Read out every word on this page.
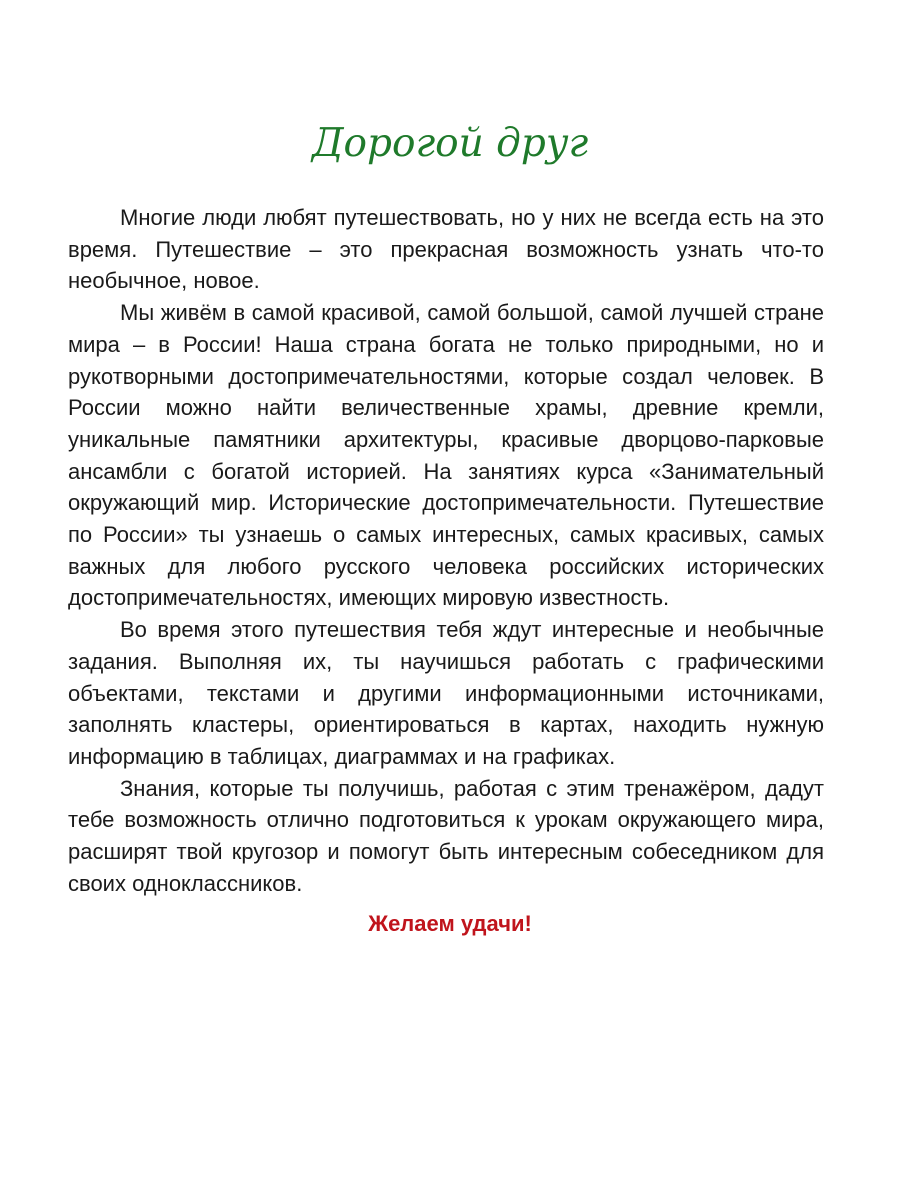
Дорогой друг

Многие люди любят путешествовать, но у них не всегда есть на это время. Путешествие – это прекрасная возможность узнать что-то необычное, новое.

Мы живём в самой красивой, самой большой, самой лучшей стране мира – в России! Наша страна богата не только природными, но и рукотворными достопримечательностями, которые создал человек. В России можно найти величественные храмы, древние кремли, уникальные памятники архитектуры, красивые дворцово-парковые ансамбли с богатой историей. На занятиях курса «Занимательный окружающий мир. Исторические достопримечательности. Путешествие по России» ты узнаешь о самых интересных, самых красивых, самых важных для любого русского человека российских исторических достопримечательностях, имеющих мировую известность.

Во время этого путешествия тебя ждут интересные и необычные задания. Выполняя их, ты научишься работать с графическими объектами, текстами и другими информационными источниками, заполнять кластеры, ориентироваться в картах, находить нужную информацию в таблицах, диаграммах и на графиках.

Знания, которые ты получишь, работая с этим тренажёром, дадут тебе возможность отлично подготовиться к урокам окружающего мира, расширят твой кругозор и помогут быть интересным собеседником для своих одноклассников.

Желаем удачи!
